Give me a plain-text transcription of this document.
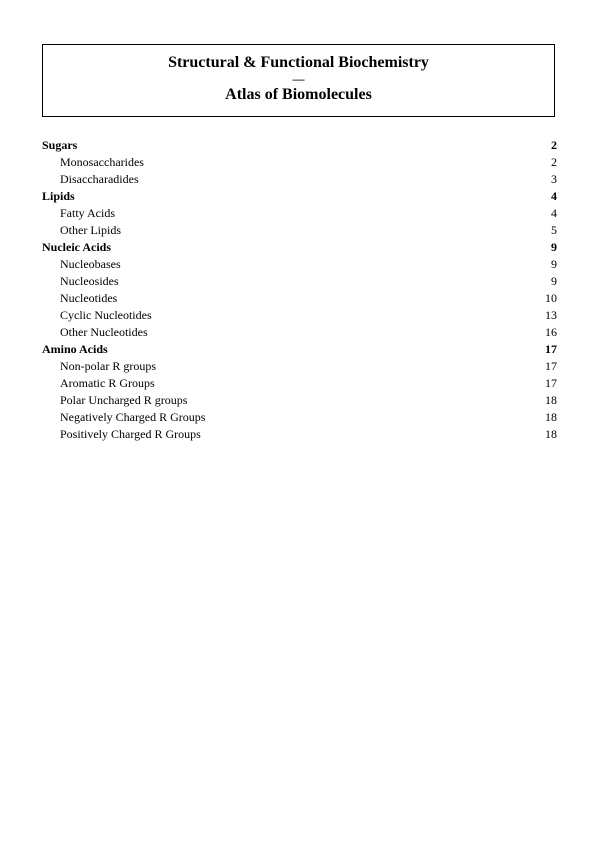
Structural & Functional Biochemistry
—
Atlas of Biomolecules
Sugars	2
Monosaccharides	2
Disaccharadides	3
Lipids	4
Fatty Acids	4
Other Lipids	5
Nucleic Acids	9
Nucleobases	9
Nucleosides	9
Nucleotides	10
Cyclic Nucleotides	13
Other Nucleotides	16
Amino Acids	17
Non-polar R groups	17
Aromatic R Groups	17
Polar Uncharged R groups	18
Negatively Charged R Groups	18
Positively Charged R Groups	18
